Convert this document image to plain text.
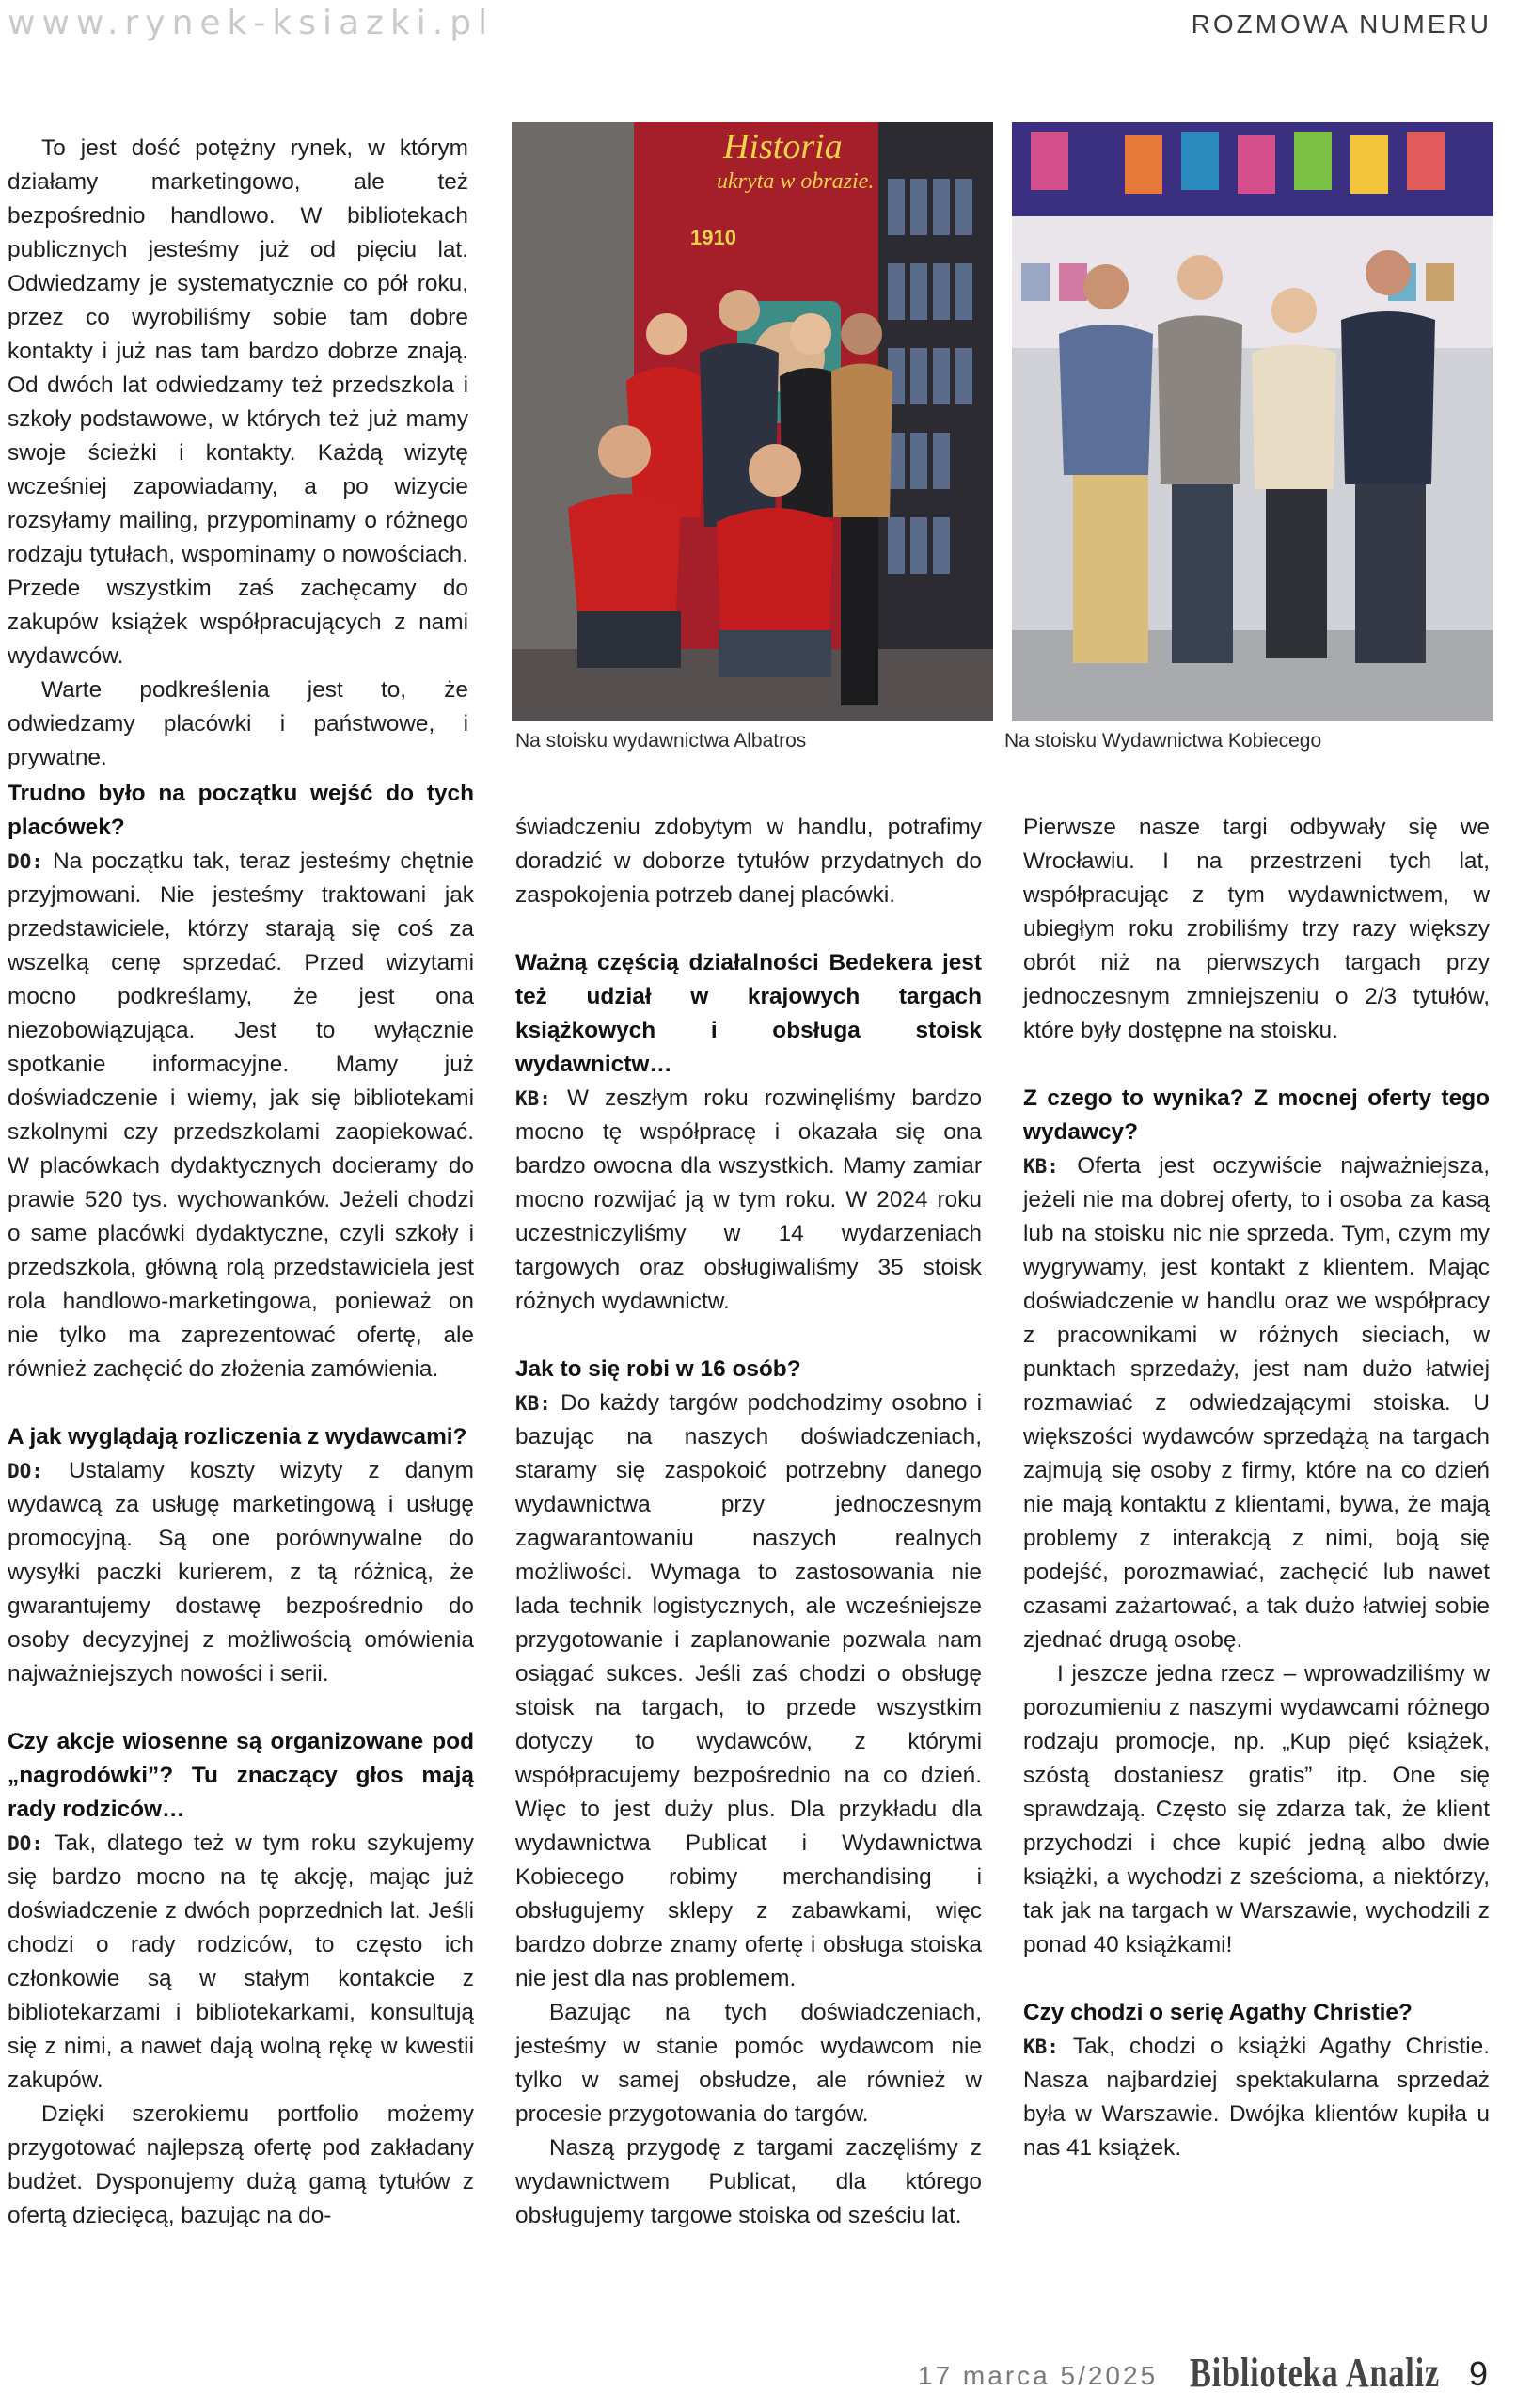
www.rynek-ksiazki.pl	ROZMOWA NUMERU

To jest dość potężny rynek, w którym działamy marketingowo, ale też bezpośrednio handlowo. W bibliotekach publicznych jesteśmy już od pięciu lat. Odwiedzamy je systematycznie co pół roku, przez co wyrobiliśmy sobie tam dobre kontakty i już nas tam bardzo dobrze znają. Od dwóch lat odwiedzamy też przedszkola i szkoły podstawowe, w których też już mamy swoje ścieżki i kontakty. Każdą wizytę wcześniej zapowiadamy, a po wizycie rozsyłamy mailing, przypominamy o różnego rodzaju tytułach, wspominamy o nowościach. Przede wszystkim zaś zachęcamy do zakupów książek współpracujących z nami wydawców.

Warte podkreślenia jest to, że odwiedzamy placówki i państwowe, i prywatne.

Historia
ukryta w obrazie.
1910
Na stoisku wydawnictwa Albatros	Na stoisku Wydawnictwa Kobiecego

Trudno było na początku wejść do tych placówek?

DO: Na początku tak, teraz jesteśmy chętnie przyjmowani. Nie jesteśmy traktowani jak przedstawiciele, którzy starają się coś za wszelką cenę sprzedać. Przed wizytami mocno podkreślamy, że jest ona niezobowiązująca. Jest to wyłącznie spotkanie informacyjne. Mamy już doświadczenie i wiemy, jak się bibliotekami szkolnymi czy przedszkolami zaopiekować. W placówkach dydaktycznych docieramy do prawie 520 tys. wychowanków. Jeżeli chodzi o same placówki dydaktyczne, czyli szkoły i przedszkola, główną rolą przedstawiciela jest rola handlowo-marketingowa, ponieważ on nie tylko ma zaprezentować ofertę, ale również zachęcić do złożenia zamówienia.

A jak wyglądają rozliczenia z wydawcami?

DO: Ustalamy koszty wizyty z danym wydawcą za usługę marketingową i usługę promocyjną. Są one porównywalne do wysyłki paczki kurierem, z tą różnicą, że gwarantujemy dostawę bezpośrednio do osoby decyzyjnej z możliwością omówienia najważniejszych nowości i serii.

Czy akcje wiosenne są organizowane pod „nagrodówki”? Tu znaczący głos mają rady rodziców…

DO: Tak, dlatego też w tym roku szykujemy się bardzo mocno na tę akcję, mając już doświadczenie z dwóch poprzednich lat. Jeśli chodzi o rady rodziców, to często ich członkowie są w stałym kontakcie z bibliotekarzami i bibliotekarkami, konsultują się z nimi, a nawet dają wolną rękę w kwestii zakupów.

Dzięki szerokiemu portfolio możemy przygotować najlepszą ofertę pod zakładany budżet. Dysponujemy dużą gamą tytułów z ofertą dziecięcą, bazując na do-

świadczeniu zdobytym w handlu, potrafimy doradzić w doborze tytułów przydatnych do zaspokojenia potrzeb danej placówki.

Ważną częścią działalności Bedekera jest też udział w krajowych targach książkowych i obsługa stoisk wydawnictw…

KB: W zeszłym roku rozwinęliśmy bardzo mocno tę współpracę i okazała się ona bardzo owocna dla wszystkich. Mamy zamiar mocno rozwijać ją w tym roku. W 2024 roku uczestniczyliśmy w 14 wydarzeniach targowych oraz obsługiwaliśmy 35 stoisk różnych wydawnictw.

Jak to się robi w 16 osób?

KB: Do każdy targów podchodzimy osobno i bazując na naszych doświadczeniach, staramy się zaspokoić potrzebny danego wydawnictwa przy jednoczesnym zagwarantowaniu naszych realnych możliwości. Wymaga to zastosowania nie lada technik logistycznych, ale wcześniejsze przygotowanie i zaplanowanie pozwala nam osiągać sukces. Jeśli zaś chodzi o obsługę stoisk na targach, to przede wszystkim dotyczy to wydawców, z którymi współpracujemy bezpośrednio na co dzień. Więc to jest duży plus. Dla przykładu dla wydawnictwa Publicat i Wydawnictwa Kobiecego robimy merchandising i obsługujemy sklepy z zabawkami, więc bardzo dobrze znamy ofertę i obsługa stoiska nie jest dla nas problemem.

Bazując na tych doświadczeniach, jesteśmy w stanie pomóc wydawcom nie tylko w samej obsłudze, ale również w procesie przygotowania do targów.

Naszą przygodę z targami zaczęliśmy z wydawnictwem Publicat, dla którego obsługujemy targowe stoiska od sześciu lat.

Pierwsze nasze targi odbywały się we Wrocławiu. I na przestrzeni tych lat, współpracując z tym wydawnictwem, w ubiegłym roku zrobiliśmy trzy razy większy obrót niż na pierwszych targach przy jednoczesnym zmniejszeniu o 2/3 tytułów, które były dostępne na stoisku.

Z czego to wynika? Z mocnej oferty tego wydawcy?

KB: Oferta jest oczywiście najważniejsza, jeżeli nie ma dobrej oferty, to i osoba za kasą lub na stoisku nic nie sprzeda. Tym, czym my wygrywamy, jest kontakt z klientem. Mając doświadczenie w handlu oraz we współpracy z pracownikami w różnych sieciach, w punktach sprzedaży, jest nam dużo łatwiej rozmawiać z odwiedzającymi stoiska. U większości wydawców sprzedążą na targach zajmują się osoby z firmy, które na co dzień nie mają kontaktu z klientami, bywa, że mają problemy z interakcją z nimi, boją się podejść, porozmawiać, zachęcić lub nawet czasami zażartować, a tak dużo łatwiej sobie zjednać drugą osobę.

I jeszcze jedna rzecz – wprowadziliśmy w porozumieniu z naszymi wydawcami różnego rodzaju promocje, np. „Kup pięć książek, szóstą dostaniesz gratis” itp. One się sprawdzają. Często się zdarza tak, że klient przychodzi i chce kupić jedną albo dwie książki, a wychodzi z sześcioma, a niektórzy, tak jak na targach w Warszawie, wychodzili z ponad 40 książkami!

Czy chodzi o serię Agathy Christie?

KB: Tak, chodzi o książki Agathy Christie. Nasza najbardziej spektakularna sprzedaż była w Warszawie. Dwójka klientów kupiła u nas 41 książek.

17 marca 5/2025 Biblioteka Analiz 9
